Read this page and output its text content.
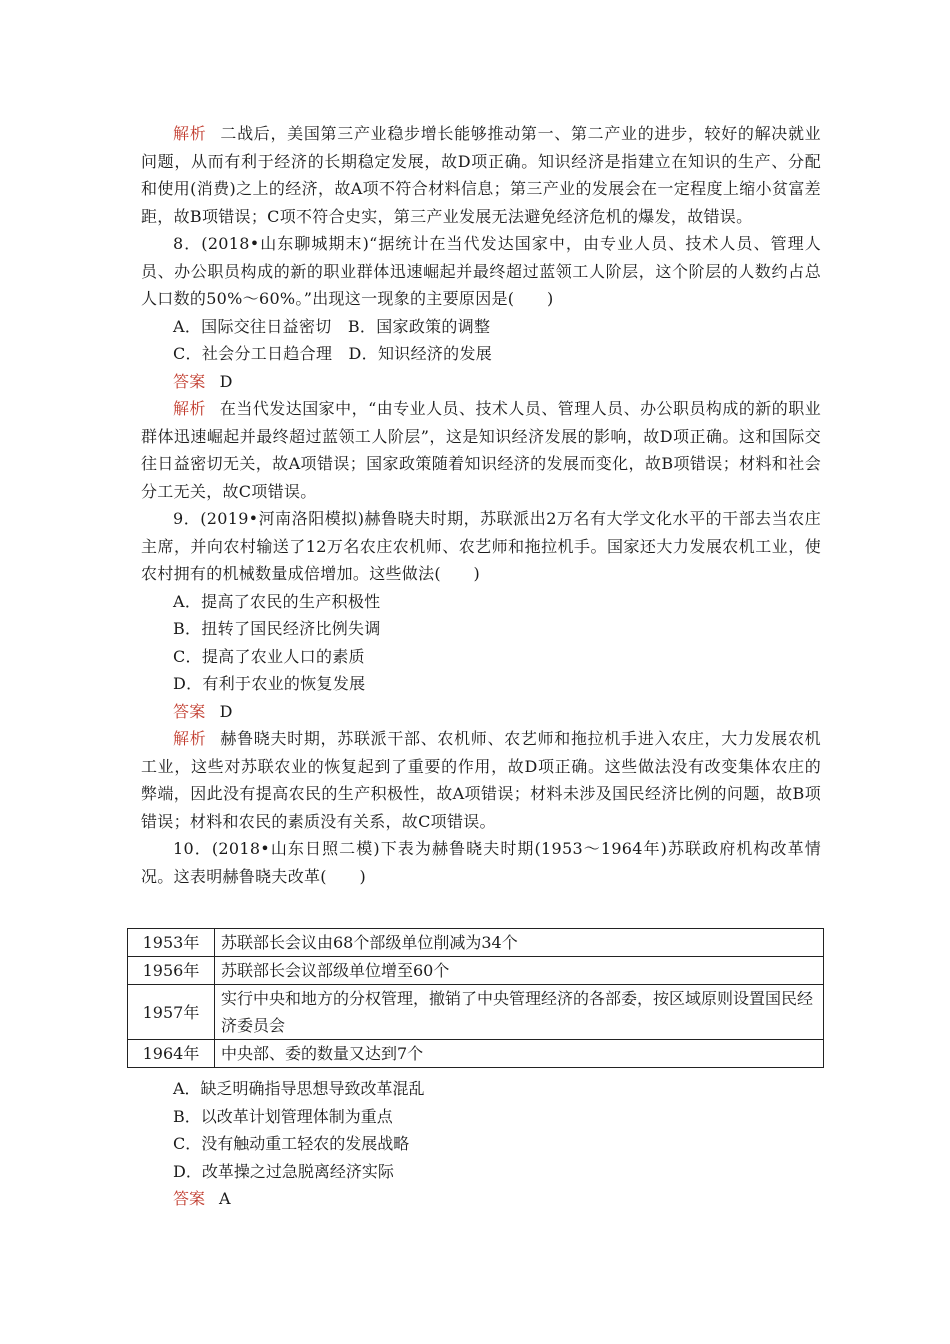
解析 二战后，美国第三产业稳步增长能够推动第一、第二产业的进步，较好的解决就业问题，从而有利于经济的长期稳定发展，故D项正确。知识经济是指建立在知识的生产、分配和使用(消费)之上的经济，故A项不符合材料信息；第三产业的发展会在一定程度上缩小贫富差距，故B项错误；C项不符合史实，第三产业发展无法避免经济危机的爆发，故错误。

8．(2018•山东聊城期末)“据统计在当代发达国家中，由专业人员、技术人员、管理人员、办公职员构成的新的职业群体迅速崛起并最终超过蓝领工人阶层，这个阶层的人数约占总人口数的50%～60%。”出现这一现象的主要原因是(　　)

A．国际交往日益密切　B．国家政策的调整

C．社会分工日趋合理　D．知识经济的发展

答案 D

解析 在当代发达国家中，“由专业人员、技术人员、管理人员、办公职员构成的新的职业群体迅速崛起并最终超过蓝领工人阶层”，这是知识经济发展的影响，故D项正确。这和国际交往日益密切无关，故A项错误；国家政策随着知识经济的发展而变化，故B项错误；材料和社会分工无关，故C项错误。

9．(2019•河南洛阳模拟)赫鲁晓夫时期，苏联派出2万名有大学文化水平的干部去当农庄主席，并向农村输送了12万名农庄农机师、农艺师和拖拉机手。国家还大力发展农机工业，使农村拥有的机械数量成倍增加。这些做法(　　)

A．提高了农民的生产积极性

B．扭转了国民经济比例失调

C．提高了农业人口的素质

D．有利于农业的恢复发展

答案 D

解析 赫鲁晓夫时期，苏联派干部、农机师、农艺师和拖拉机手进入农庄，大力发展农机工业，这些对苏联农业的恢复起到了重要的作用，故D项正确。这些做法没有改变集体农庄的弊端，因此没有提高农民的生产积极性，故A项错误；材料未涉及国民经济比例的问题，故B项错误；材料和农民的素质没有关系，故C项错误。

10．(2018•山东日照二模)下表为赫鲁晓夫时期(1953～1964年)苏联政府机构改革情况。这表明赫鲁晓夫改革(　　)

1953年	苏联部长会议由68个部级单位削减为34个
1956年	苏联部长会议部级单位增至60个
1957年	实行中央和地方的分权管理，撤销了中央管理经济的各部委，按区域原则设置国民经济委员会
1964年	中央部、委的数量又达到7个

A．缺乏明确指导思想导致改革混乱

B．以改革计划管理体制为重点

C．没有触动重工轻农的发展战略

D．改革操之过急脱离经济实际

答案 A
